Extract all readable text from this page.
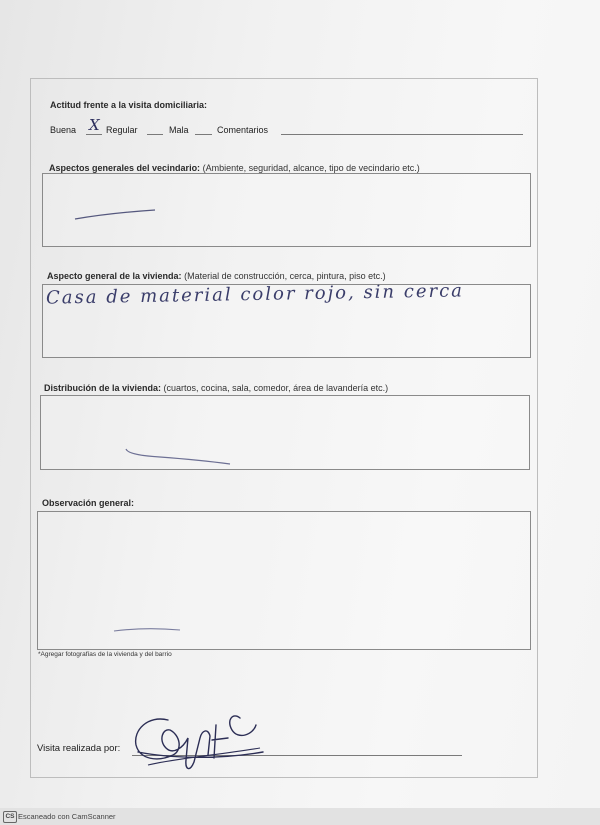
Actitud frente a la visita domiciliaria:
Buena X Regular	Mala	Comentarios
Aspectos generales del vecindario: (Ambiente, seguridad, alcance, tipo de vecindario etc.)
Aspecto general de la vivienda: (Material de construcción, cerca, pintura, piso etc.)
Casa de material color rojo, sin cerca
Distribución de la vivienda: (cuartos, cocina, sala, comedor, área de lavandería etc.)
Observación general:
*Agregar fotografías de la vivienda y del barrio
Visita realizada por:
CS Escaneado con CamScanner
